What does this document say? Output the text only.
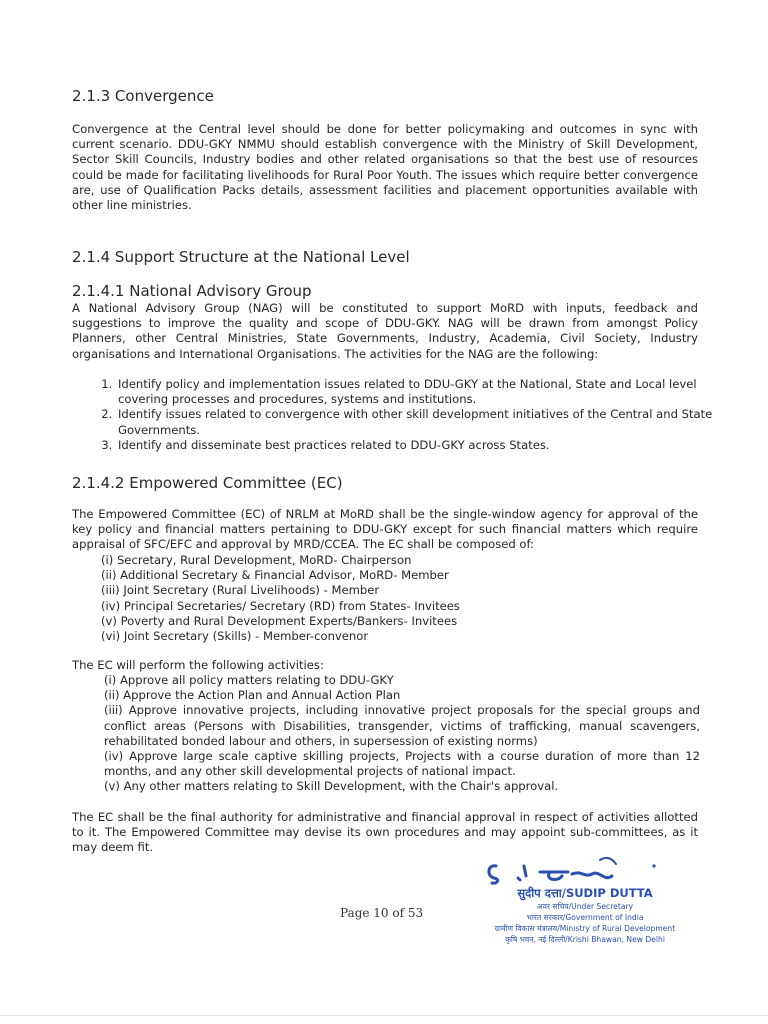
2.1.3 Convergence

Convergence at the Central level should be done for better policymaking and outcomes in sync with current scenario. DDU-GKY NMMU should establish convergence with the Ministry of Skill Development, Sector Skill Councils, Industry bodies and other related organisations so that the best use of resources could be made for facilitating livelihoods for Rural Poor Youth. The issues which require better convergence are, use of Qualification Packs details, assessment facilities and placement opportunities available with other line ministries.

2.1.4 Support Structure at the National Level
2.1.4.1 National Advisory Group

A National Advisory Group (NAG) will be constituted to support MoRD with inputs, feedback and suggestions to improve the quality and scope of DDU-GKY. NAG will be drawn from amongst Policy Planners, other Central Ministries, State Governments, Industry, Academia, Civil Society, Industry organisations and International Organisations. The activities for the NAG are the following:

1. Identify policy and implementation issues related to DDU-GKY at the National, State and Local level covering processes and procedures, systems and institutions.
2. Identify issues related to convergence with other skill development initiatives of the Central and State Governments.
3. Identify and disseminate best practices related to DDU-GKY across States.
2.1.4.2 Empowered Committee (EC)

The Empowered Committee (EC) of NRLM at MoRD shall be the single-window agency for approval of the key policy and financial matters pertaining to DDU-GKY except for such financial matters which require appraisal of SFC/EFC and approval by MRD/CCEA. The EC shall be composed of:

(i) Secretary, Rural Development, MoRD- Chairperson
(ii) Additional Secretary & Financial Advisor, MoRD- Member
(iii) Joint Secretary (Rural Livelihoods) - Member
(iv) Principal Secretaries/ Secretary (RD) from States- Invitees
(v) Poverty and Rural Development Experts/Bankers- Invitees
(vi) Joint Secretary (Skills) - Member-convenor

The EC will perform the following activities:

(i) Approve all policy matters relating to DDU-GKY
(ii) Approve the Action Plan and Annual Action Plan
(iii) Approve innovative projects, including innovative project proposals for the special groups and conflict areas (Persons with Disabilities, transgender, victims of trafficking, manual scavengers, rehabilitated bonded labour and others, in supersession of existing norms)
(iv) Approve large scale captive skilling projects, Projects with a course duration of more than 12 months, and any other skill developmental projects of national impact.
(v) Any other matters relating to Skill Development, with the Chair's approval.

The EC shall be the final authority for administrative and financial approval in respect of activities allotted to it. The Empowered Committee may devise its own procedures and may appoint sub-committees, as it may deem fit.

Page 10 of 53
सुदीप दत्ता/SUDIP DUTTA
अवर सचिव/Under Secretary
भारत सरकार/Government of India
ग्रामीण विकास मंत्रालय/Ministry of Rural Development
कृषि भवन, नई दिल्ली/Krishi Bhawan, New Delhi
